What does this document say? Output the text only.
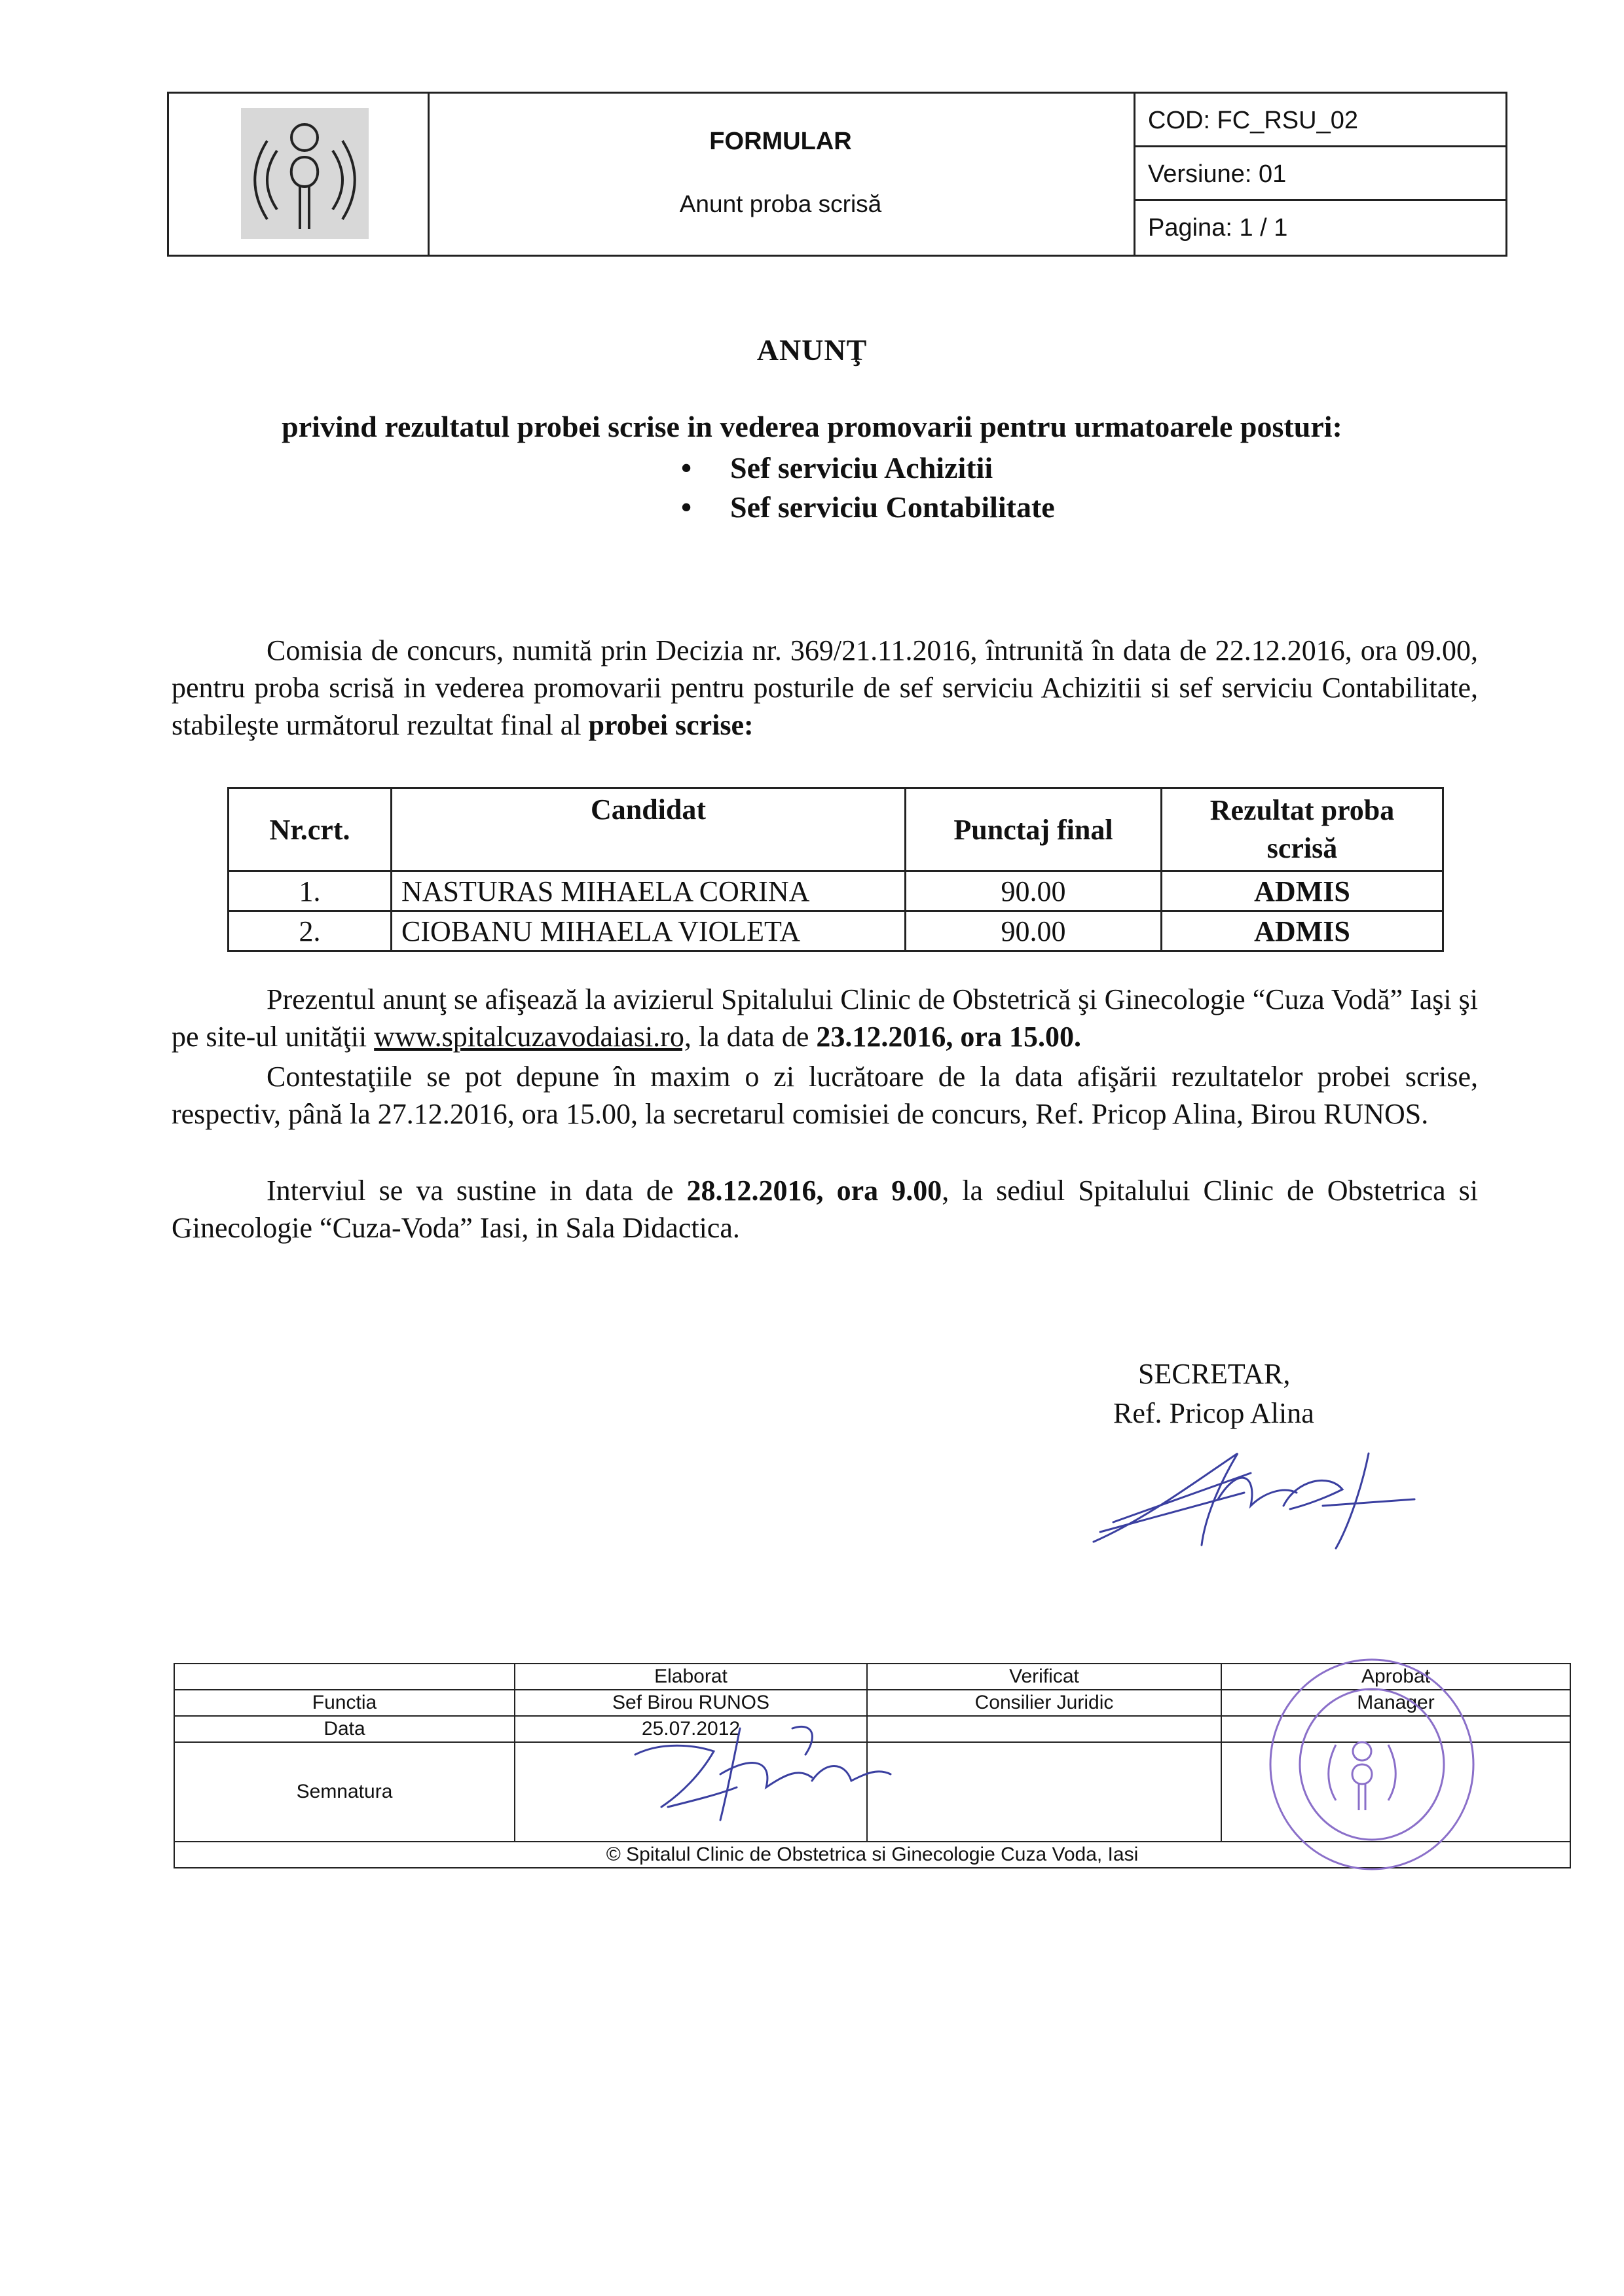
FORMULAR
Anunt proba scrisă
COD: FC_RSU_02
Versiune: 01
Pagina: 1 / 1
ANUNŢ
privind rezultatul probei scrise in vederea promovarii pentru urmatoarele posturi:
• Sef serviciu Achizitii
• Sef serviciu Contabilitate
Comisia de concurs, numită prin Decizia nr. 369/21.11.2016, întrunită în data de 22.12.2016, ora 09.00, pentru proba scrisă in vederea promovarii pentru posturile de sef serviciu Achizitii si sef serviciu Contabilitate, stabileşte următorul rezultat final al probei scrise:
Nr.crt.	Candidat	Punctaj final	Rezultat proba scrisă
1.	NASTURAS MIHAELA CORINA	90.00	ADMIS
2.	CIOBANU MIHAELA VIOLETA	90.00	ADMIS
Prezentul anunţ se afişează la avizierul Spitalului Clinic de Obstetrică şi Ginecologie “Cuza Vodă” Iaşi şi pe site-ul unităţii www.spitalcuzavodaiasi.ro, la data de 23.12.2016, ora 15.00.
Contestaţiile se pot depune în maxim o zi lucrătoare de la data afişării rezultatelor probei scrise, respectiv, până la 27.12.2016, ora 15.00, la secretarul comisiei de concurs, Ref. Pricop Alina, Birou RUNOS.
Interviul se va sustine in data de 28.12.2016, ora 9.00, la sediul Spitalului Clinic de Obstetrica si Ginecologie “Cuza-Voda” Iasi, in Sala Didactica.
SECRETAR,
Ref. Pricop Alina
	Elaborat	Verificat	Aprobat
Functia	Sef Birou RUNOS	Consilier Juridic	Manager
Data	25.07.2012		
Semnatura			
© Spitalul Clinic de Obstetrica si Ginecologie Cuza Voda, Iasi			
